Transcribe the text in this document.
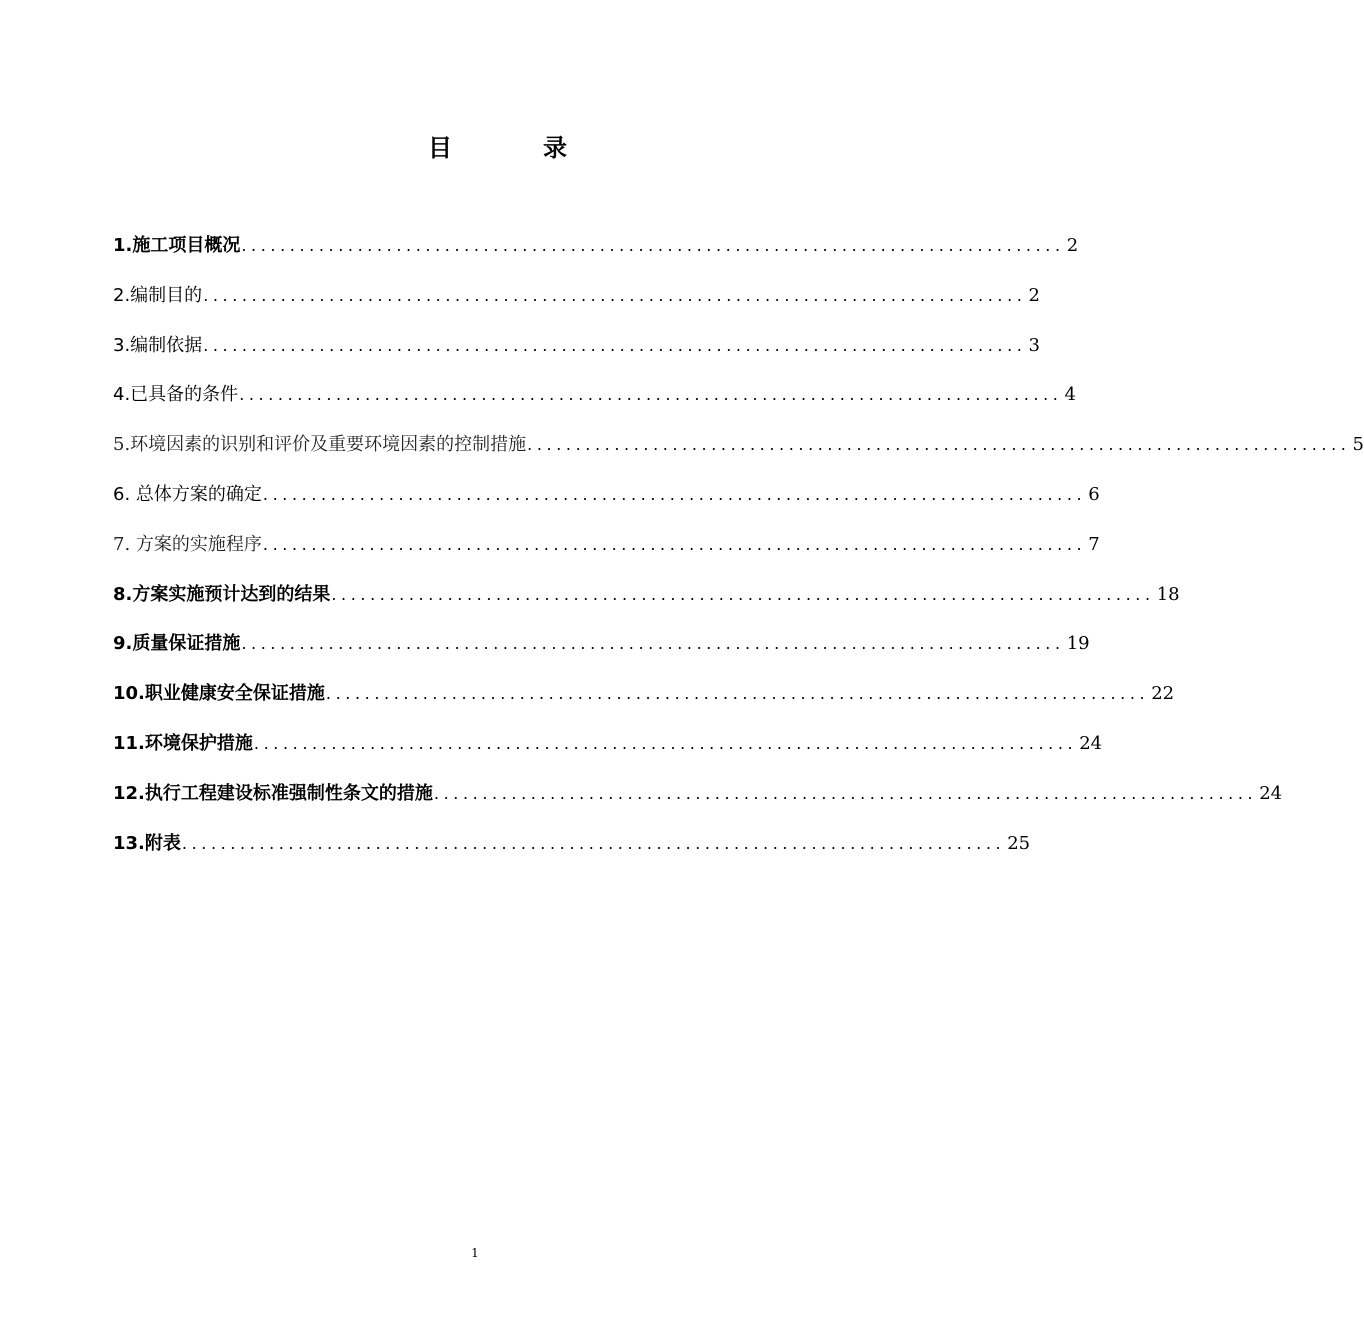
目	录
1.施工项目概况 ..................................................................................... 2
2.编制目的 ..................................................................................... 2
3.编制依据 ..................................................................................... 3
4.已具备的条件 ..................................................................................... 4
5.环境因素的识别和评价及重要环境因素的控制措施 ..................................................................................... 5
6. 总体方案的确定 ..................................................................................... 6
7. 方案的实施程序 ..................................................................................... 7
8.方案实施预计达到的结果 ..................................................................................... 18
9.质量保证措施 ..................................................................................... 19
10.职业健康安全保证措施 ..................................................................................... 22
11.环境保护措施 ..................................................................................... 24
12.执行工程建设标准强制性条文的措施 ..................................................................................... 24
13.附表 ..................................................................................... 25
1
